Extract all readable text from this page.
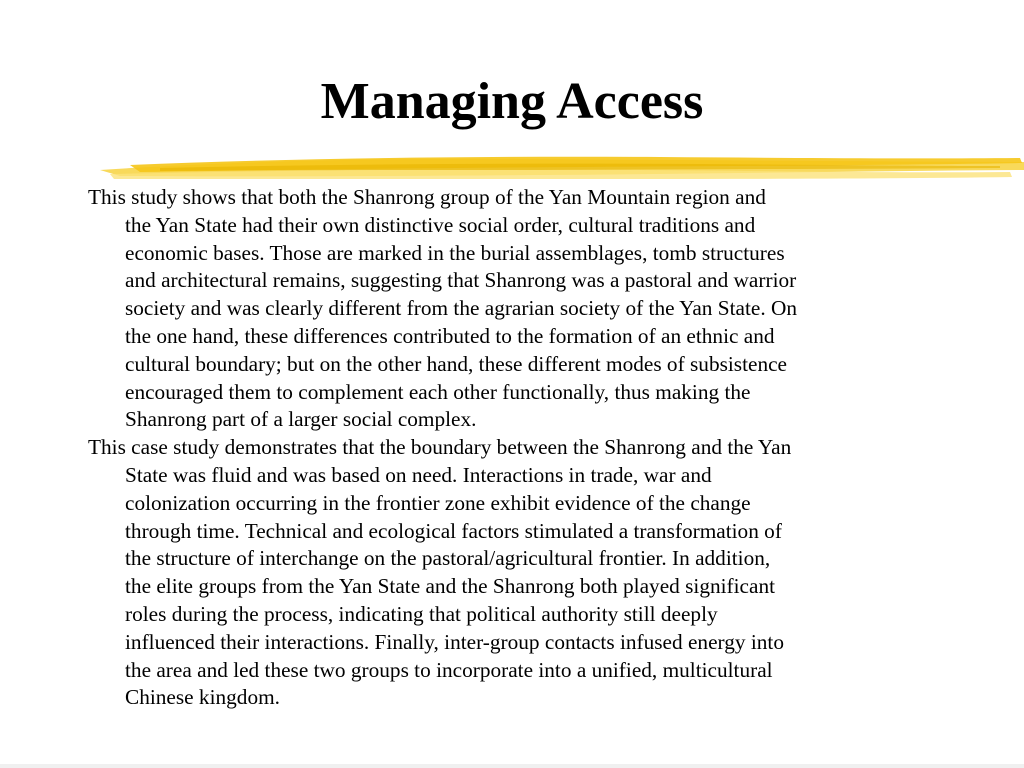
Managing Access

This study shows that both the Shanrong group of the Yan Mountain region and
the Yan State had their own distinctive social order, cultural traditions and
economic bases. Those are marked in the burial assemblages, tomb structures
and architectural remains, suggesting that Shanrong was a pastoral and warrior
society and was clearly different from the agrarian society of the Yan State. On
the one hand, these differences contributed to the formation of an ethnic and
cultural boundary; but on the other hand, these different modes of subsistence
encouraged them to complement each other functionally, thus making the
Shanrong part of a larger social complex.

This case study demonstrates that the boundary between the Shanrong and the Yan
State was fluid and was based on need. Interactions in trade, war and
colonization occurring in the frontier zone exhibit evidence of the change
through time. Technical and ecological factors stimulated a transformation of
the structure of interchange on the pastoral/agricultural frontier. In addition,
the elite groups from the Yan State and the Shanrong both played significant
roles during the process, indicating that political authority still deeply
influenced their interactions. Finally, inter-group contacts infused energy into
the area and led these two groups to incorporate into a unified, multicultural
Chinese kingdom.
